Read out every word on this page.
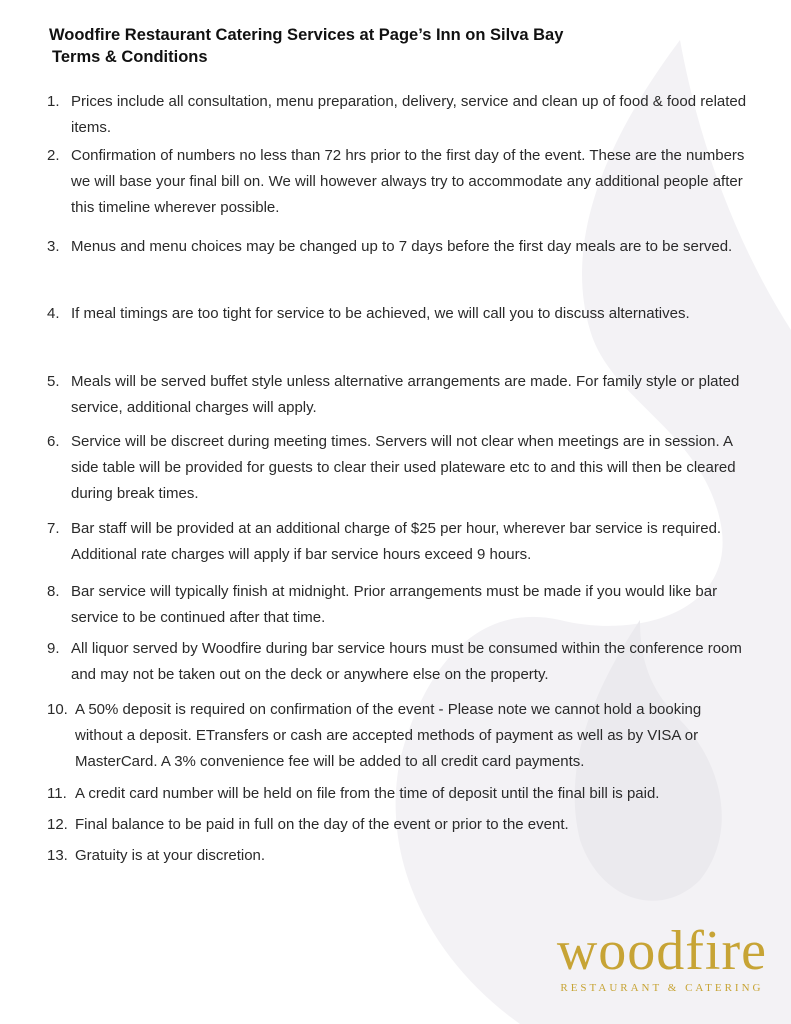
Woodfire Restaurant Catering Services at Page’s Inn on Silva Bay
Terms & Conditions
1. Prices include all consultation, menu preparation, delivery, service and clean up of food & food related items.
2. Confirmation of numbers no less than 72 hrs prior to the first day of the event. These are the numbers we will base your final bill on. We will however always try to accommodate any additional people after this timeline wherever possible.
3. Menus and menu choices may be changed up to 7 days before the first day meals are to be served.
4. If meal timings are too tight for service to be achieved, we will call you to discuss alternatives.
5. Meals will be served buffet style unless alternative arrangements are made. For family style or plated service, additional charges will apply.
6. Service will be discreet during meeting times. Servers will not clear when meetings are in session. A side table will be provided for guests to clear their used plateware etc to and this will then be cleared during break times.
7. Bar staff will be provided at an additional charge of $25 per hour, wherever bar service is required. Additional rate charges will apply if bar service hours exceed 9 hours.
8. Bar service will typically finish at midnight. Prior arrangements must be made if you would like bar service to be continued after that time.
9. All liquor served by Woodfire during bar service hours must be consumed within the conference room and may not be taken out on the deck or anywhere else on the property.
10. A 50% deposit is required on confirmation of the event - Please note we cannot hold a booking without a deposit. ETransfers or cash are accepted methods of payment as well as by VISA or MasterCard. A 3% convenience fee will be added to all credit card payments.
11. A credit card number will be held on file from the time of deposit until the final bill is paid.
12. Final balance to be paid in full on the day of the event or prior to the event.
13. Gratuity is at your discretion.
woodfire
RESTAURANT & CATERING
